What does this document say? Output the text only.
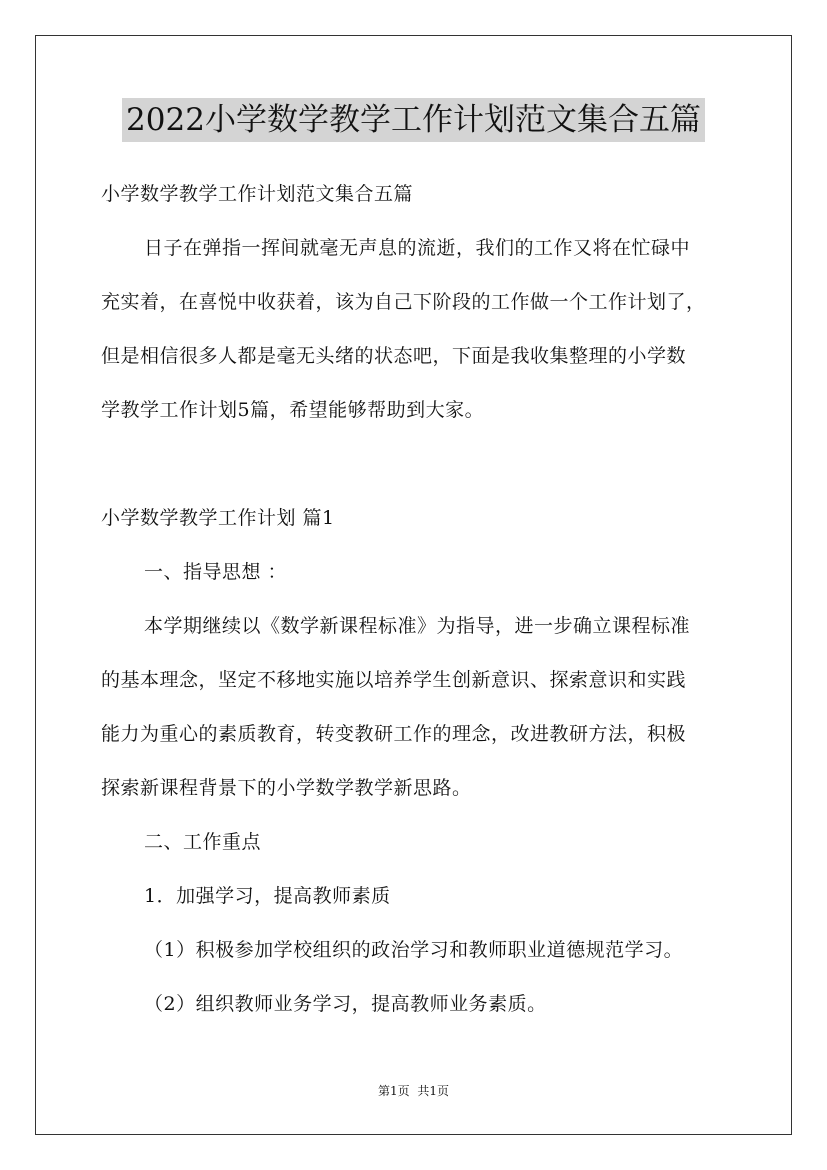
2022小学数学教学工作计划范文集合五篇
小学数学教学工作计划范文集合五篇
日子在弹指一挥间就毫无声息的流逝，我们的工作又将在忙碌中
充实着，在喜悦中收获着，该为自己下阶段的工作做一个工作计划了，
但是相信很多人都是毫无头绪的状态吧，下面是我收集整理的小学数
学教学工作计划5篇，希望能够帮助到大家。
小学数学教学工作计划 篇1
一、指导思想 ：
本学期继续以《数学新课程标准》为指导，进一步确立课程标准
的基本理念，坚定不移地实施以培养学生创新意识、探索意识和实践
能力为重心的素质教育，转变教研工作的理念，改进教研方法，积极
探索新课程背景下的小学数学教学新思路。
二、工作重点
1．加强学习，提高教师素质
（1）积极参加学校组织的政治学习和教师职业道德规范学习。
（2）组织教师业务学习，提高教师业务素质。
第1页 共1页
